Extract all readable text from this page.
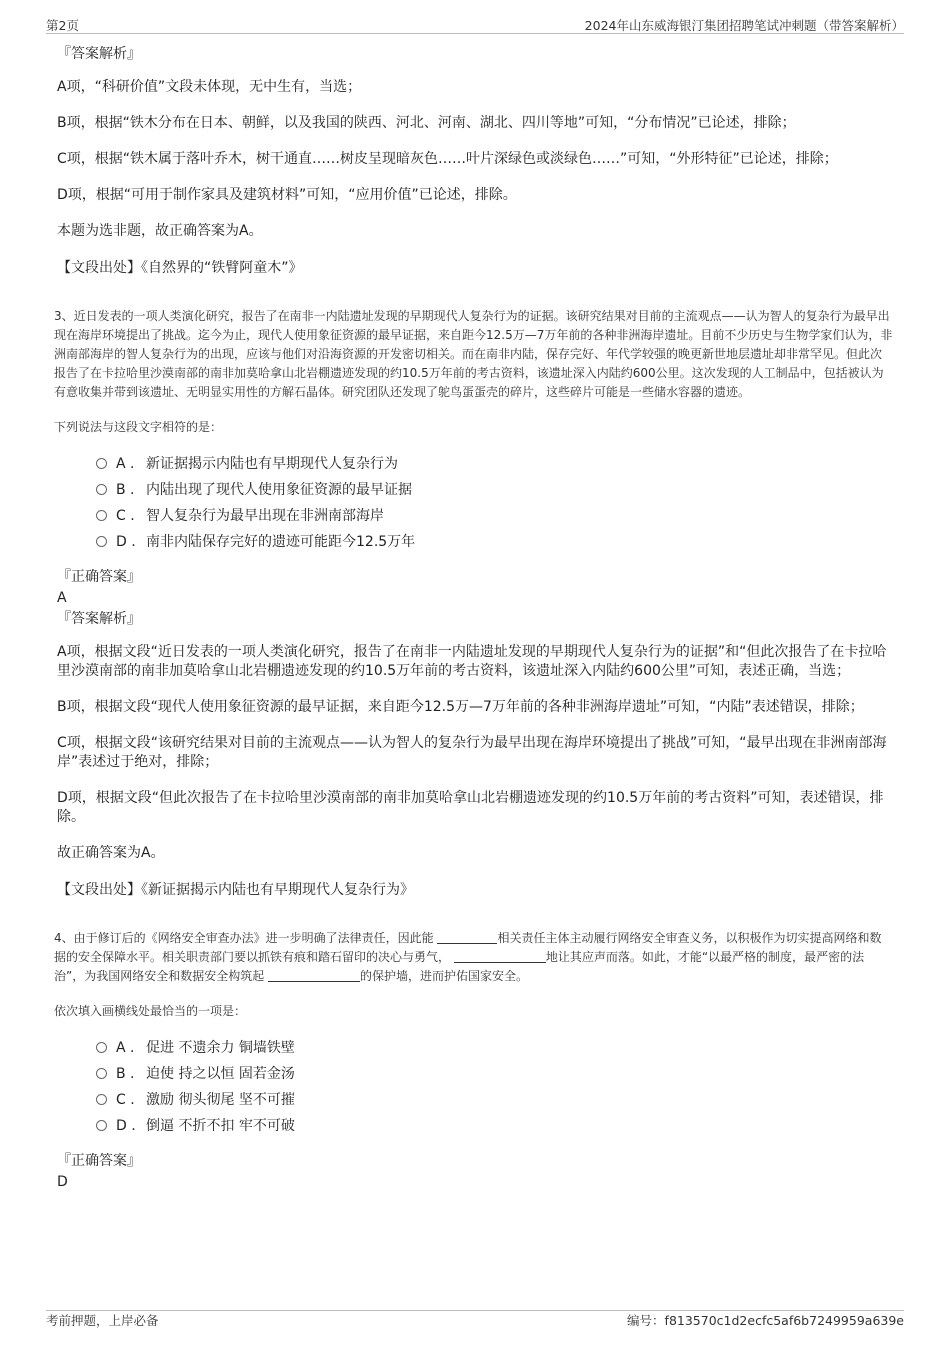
第2页	2024年山东威海银汀集团招聘笔试冲刺题（带答案解析）
『答案解析』
A项，“科研价值”文段未体现，无中生有，当选；
B项，根据“铁木分布在日本、朝鲜，以及我国的陕西、河北、河南、湖北、四川等地”可知，“分布情况”已论述，排除；
C项，根据“铁木属于落叶乔木，树干通直……树皮呈现暗灰色……叶片深绿色或淡绿色……”可知，“外形特征”已论述，排除；
D项，根据“可用于制作家具及建筑材料”可知，“应用价值”已论述，排除。
本题为选非题，故正确答案为A。
【文段出处】《自然界的“铁臂阿童木”》
3、近日发表的一项人类演化研究，报告了在南非一内陆遗址发现的早期现代人复杂行为的证据。该研究结果对目前的主流观点——认为智人的复杂行为最早出现在海岸环境提出了挑战。迄今为止，现代人使用象征资源的最早证据，来自距今12.5万—7万年前的各种非洲海岸遗址。目前不少历史与生物学家们认为，非洲南部海岸的智人复杂行为的出现，应该与他们对沿海资源的开发密切相关。而在南非内陆，保存完好、年代学较强的晚更新世地层遗址却非常罕见。但此次报告了在卡拉哈里沙漠南部的南非加莫哈拿山北岩棚遗迹发现的约10.5万年前的考古资料，该遗址深入内陆约600公里。这次发现的人工制品中，包括被认为有意收集并带到该遗址、无明显实用性的方解石晶体。研究团队还发现了鸵鸟蛋蛋壳的碎片，这些碎片可能是一些储水容器的遗迹。
下列说法与这段文字相符的是：
A . 新证据揭示内陆也有早期现代人复杂行为
B . 内陆出现了现代人使用象征资源的最早证据
C . 智人复杂行为最早出现在非洲南部海岸
D . 南非内陆保存完好的遗迹可能距今12.5万年
『正确答案』
A
『答案解析』
A项，根据文段“近日发表的一项人类演化研究，报告了在南非一内陆遗址发现的早期现代人复杂行为的证据”和“但此次报告了在卡拉哈里沙漠南部的南非加莫哈拿山北岩棚遗迹发现的约10.5万年前的考古资料，该遗址深入内陆约600公里”可知，表述正确，当选；
B项，根据文段“现代人使用象征资源的最早证据，来自距今12.5万—7万年前的各种非洲海岸遗址”可知，“内陆”表述错误，排除；
C项，根据文段“该研究结果对目前的主流观点——认为智人的复杂行为最早出现在海岸环境提出了挑战”可知，“最早出现在非洲南部海岸”表述过于绝对，排除；
D项，根据文段“但此次报告了在卡拉哈里沙漠南部的南非加莫哈拿山北岩棚遗迹发现的约10.5万年前的考古资料”可知，表述错误，排除。
故正确答案为A。
【文段出处】《新证据揭示内陆也有早期现代人复杂行为》
4、由于修订后的《网络安全审查办法》进一步明确了法律责任，因此能	相关责任主体主动履行网络安全审查义务，以积极作为切实提高网络和数据的安全保障水平。相关职责部门要以抓铁有痕和踏石留印的决心与勇气，	地让其应声而落。如此，才能“以最严格的制度，最严密的法治”，为我国网络安全和数据安全构筑起	的保护墙，进而护佑国家安全。
依次填入画横线处最恰当的一项是：
A . 促进 不遗余力 铜墙铁壁
B . 迫使 持之以恒 固若金汤
C . 激励 彻头彻尾 坚不可摧
D . 倒逼 不折不扣 牢不可破
『正确答案』
D
考前押题，上岸必备	编号：f813570c1d2ecfc5af6b7249959a639e
